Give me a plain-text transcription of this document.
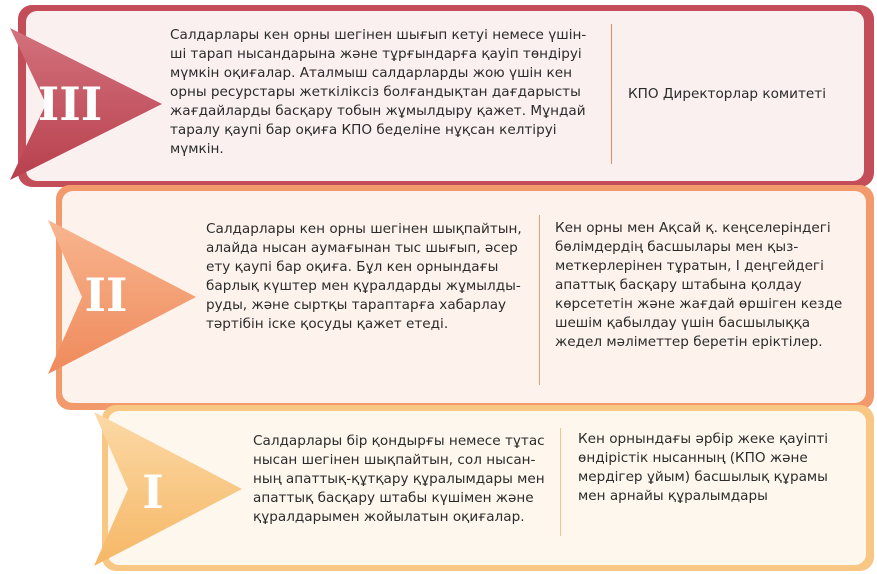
Салдарлары кен орны шегінен шығып кетуі немесе үшін-
ші тарап нысандарына және тұрғындарға қауіп төндіруі
мүмкін оқиғалар. Аталмыш салдарларды жою үшін кен
орны ресурстары жеткіліксіз болғандықтан дағдарысты
жағдайларды басқару тобын жұмылдыру қажет. Мұндай
таралу қаупі бар оқиға КПО беделіне нұқсан келтіруі
мүмкін.
КПО Директорлар комитеті
III
Салдарлары кен орны шегінен шықпайтын,
алайда нысан аумағынан тыс шығып, әсер
ету қаупі бар оқиға. Бұл кен орнындағы
барлық күштер мен құралдарды жұмылды-
руды, және сыртқы тараптарға хабарлау
тәртібін іске қосуды қажет етеді.
Кен орны мен Ақсай қ. кеңселеріндегі
бөлімдердің басшылары мен қыз-
меткерлерінен тұратын, I деңгейдегі
апаттық басқару штабына қолдау
көрсететін және жағдай өршіген кезде
шешім қабылдау үшін басшылыққа
жедел мәліметтер беретін еріктілер.
II
Салдарлары бір қондырғы немесе тұтас
нысан шегінен шықпайтын, сол нысан-
ның апаттық-құтқару құралымдары мен
апаттық басқару штабы күшімен және
құралдарымен жойылатын оқиғалар.
Кен орнындағы әрбір жеке қауіпті
өндірістік нысанның (КПО және
мердігер ұйым) басшылық құрамы
мен арнайы құралымдары
I
